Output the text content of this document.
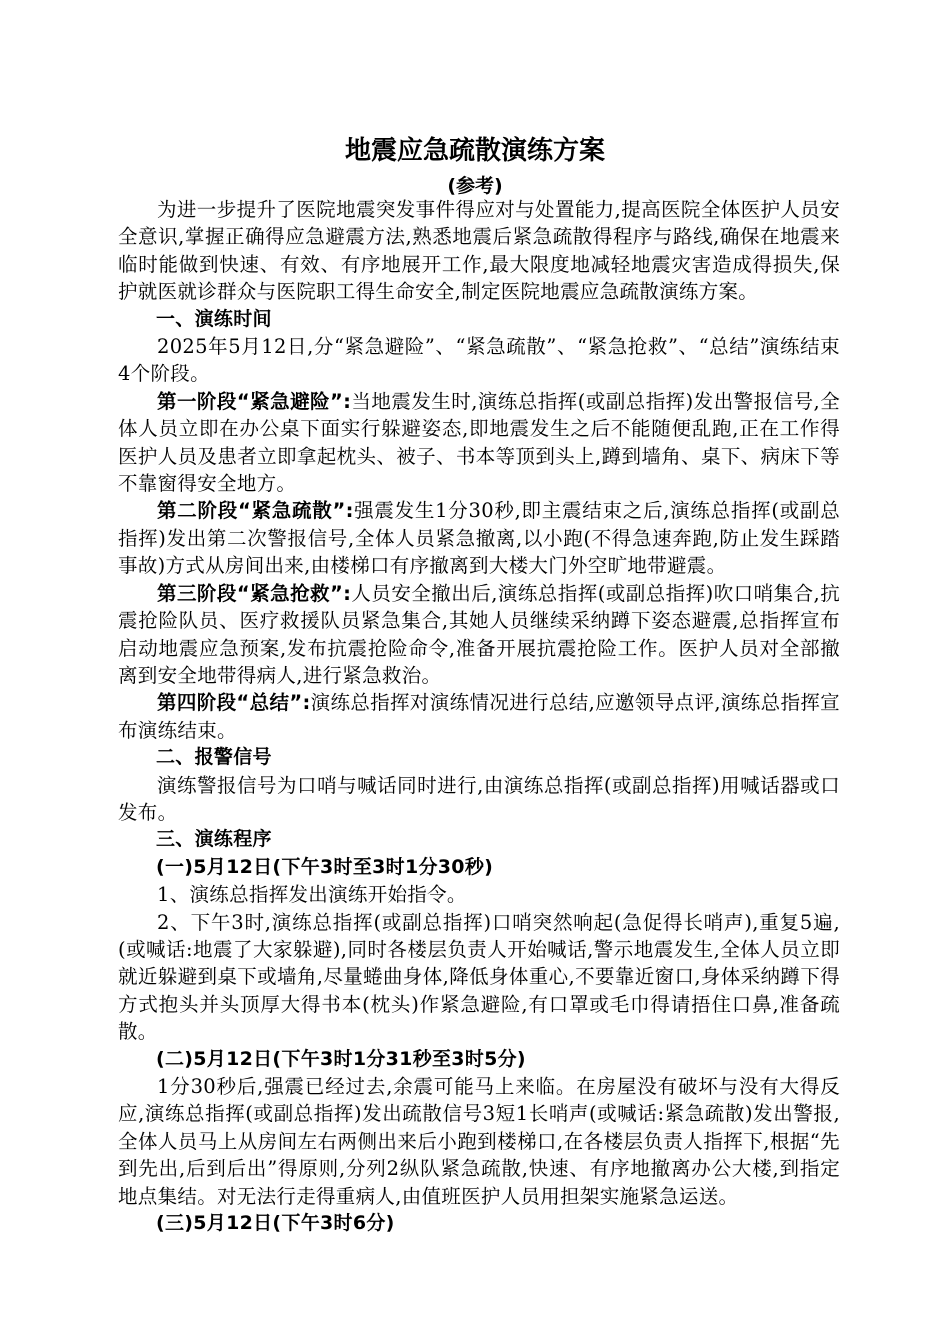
地震应急疏散演练方案
(参考)

为进一步提升了医院地震突发事件得应对与处置能力,提高医院全体医护人员安全意识,掌握正确得应急避震方法,熟悉地震后紧急疏散得程序与路线,确保在地震来临时能做到快速、有效、有序地展开工作,最大限度地减轻地震灾害造成得损失,保护就医就诊群众与医院职工得生命安全,制定医院地震应急疏散演练方案。

一、演练时间

2025年5月12日,分“紧急避险”、“紧急疏散”、“紧急抢救”、“总结”演练结束4个阶段。

第一阶段“紧急避险”:当地震发生时,演练总指挥(或副总指挥)发出警报信号,全体人员立即在办公桌下面实行躲避姿态,即地震发生之后不能随便乱跑,正在工作得医护人员及患者立即拿起枕头、被子、书本等顶到头上,蹲到墙角、桌下、病床下等不靠窗得安全地方。

第二阶段“紧急疏散”:强震发生1分30秒,即主震结束之后,演练总指挥(或副总指挥)发出第二次警报信号,全体人员紧急撤离,以小跑(不得急速奔跑,防止发生踩踏事故)方式从房间出来,由楼梯口有序撤离到大楼大门外空旷地带避震。

第三阶段“紧急抢救”:人员安全撤出后,演练总指挥(或副总指挥)吹口哨集合,抗震抢险队员、医疗救援队员紧急集合,其她人员继续采纳蹲下姿态避震,总指挥宣布启动地震应急预案,发布抗震抢险命令,准备开展抗震抢险工作。医护人员对全部撤离到安全地带得病人,进行紧急救治。

第四阶段“总结”:演练总指挥对演练情况进行总结,应邀领导点评,演练总指挥宣布演练结束。

二、报警信号

演练警报信号为口哨与喊话同时进行,由演练总指挥(或副总指挥)用喊话器或口发布。

三、演练程序

(一)5月12日(下午3时至3时1分30秒)

1、演练总指挥发出演练开始指令。

2、下午3时,演练总指挥(或副总指挥)口哨突然响起(急促得长哨声),重复5遍,(或喊话:地震了大家躲避),同时各楼层负责人开始喊话,警示地震发生,全体人员立即就近躲避到桌下或墙角,尽量蜷曲身体,降低身体重心,不要靠近窗口,身体采纳蹲下得方式抱头并头顶厚大得书本(枕头)作紧急避险,有口罩或毛巾得请捂住口鼻,准备疏散。

(二)5月12日(下午3时1分31秒至3时5分)

1分30秒后,强震已经过去,余震可能马上来临。在房屋没有破坏与没有大得反应,演练总指挥(或副总指挥)发出疏散信号3短1长哨声(或喊话:紧急疏散)发出警报,全体人员马上从房间左右两侧出来后小跑到楼梯口,在各楼层负责人指挥下,根据“先到先出,后到后出”得原则,分列2纵队紧急疏散,快速、有序地撤离办公大楼,到指定地点集结。对无法行走得重病人,由值班医护人员用担架实施紧急运送。

(三)5月12日(下午3时6分)
